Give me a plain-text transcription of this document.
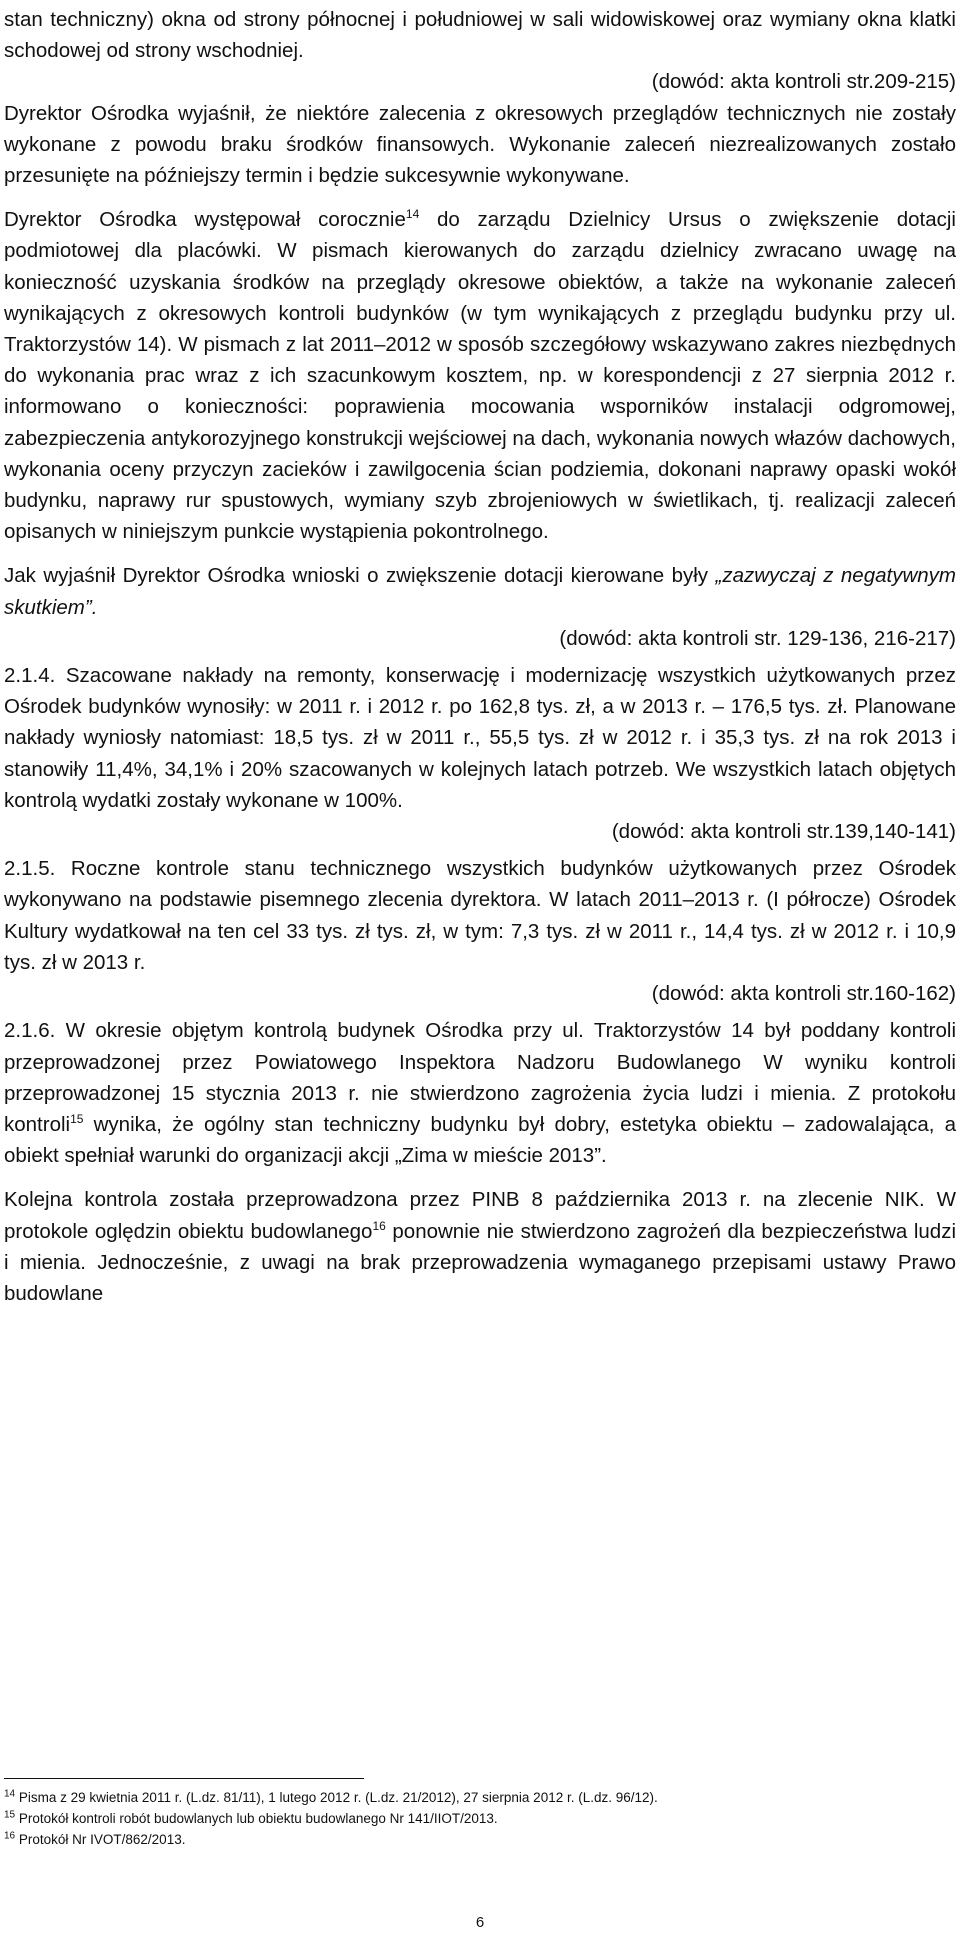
stan techniczny) okna od strony północnej i południowej w sali widowiskowej oraz wymiany okna klatki schodowej od strony wschodniej.

(dowód: akta kontroli str.209-215)

Dyrektor Ośrodka wyjaśnił, że niektóre zalecenia z okresowych przeglądów technicznych nie zostały wykonane z powodu braku środków finansowych. Wykonanie zaleceń niezrealizowanych zostało przesunięte na późniejszy termin i będzie sukcesywnie wykonywane.

Dyrektor Ośrodka występował corocznie$^{14}$ do zarządu Dzielnicy Ursus o zwiększenie dotacji podmiotowej dla placówki. W pismach kierowanych do zarządu dzielnicy zwracano uwagę na konieczność uzyskania środków na przeglądy okresowe obiektów, a także na wykonanie zaleceń wynikających z okresowych kontroli budynków (w tym wynikających z przeglądu budynku przy ul. Traktorzystów 14). W pismach z lat 2011–2012 w sposób szczegółowy wskazywano zakres niezbędnych do wykonania prac wraz z ich szacunkowym kosztem, np. w korespondencji z 27 sierpnia 2012 r. informowano o konieczności: poprawienia mocowania wsporników instalacji odgromowej, zabezpieczenia antykorozyjnego konstrukcji wejściowej na dach, wykonania nowych włazów dachowych, wykonania oceny przyczyn zacieków i zawilgocenia ścian podziemia, dokonani naprawy opaski wokół budynku, naprawy rur spustowych, wymiany szyb zbrojeniowych w świetlikach, tj. realizacji zaleceń opisanych w niniejszym punkcie wystąpienia pokontrolnego.

Jak wyjaśnił Dyrektor Ośrodka wnioski o zwiększenie dotacji kierowane były „zazwyczaj z negatywnym skutkiem”.

(dowód: akta kontroli str. 129-136, 216-217)

2.1.4. Szacowane nakłady na remonty, konserwację i modernizację wszystkich użytkowanych przez Ośrodek budynków wynosiły: w 2011 r. i 2012 r. po 162,8 tys. zł, a w 2013 r. – 176,5 tys. zł. Planowane nakłady wyniosły natomiast: 18,5 tys. zł w 2011 r., 55,5 tys. zł w 2012 r. i 35,3 tys. zł na rok 2013 i stanowiły 11,4%, 34,1% i 20% szacowanych w kolejnych latach potrzeb. We wszystkich latach objętych kontrolą wydatki zostały wykonane w 100%.

(dowód: akta kontroli str.139,140-141)

2.1.5. Roczne kontrole stanu technicznego wszystkich budynków użytkowanych przez Ośrodek wykonywano na podstawie pisemnego zlecenia dyrektora. W latach 2011–2013 r. (I półrocze) Ośrodek Kultury wydatkował na ten cel 33 tys. zł tys. zł, w tym: 7,3 tys. zł w 2011 r., 14,4 tys. zł w 2012 r. i 10,9 tys. zł w 2013 r.

(dowód: akta kontroli str.160-162)

2.1.6. W okresie objętym kontrolą budynek Ośrodka przy ul. Traktorzystów 14 był poddany kontroli przeprowadzonej przez Powiatowego Inspektora Nadzoru Budowlanego W wyniku kontroli przeprowadzonej 15 stycznia 2013 r. nie stwierdzono zagrożenia życia ludzi i mienia. Z protokołu kontroli$^{15}$ wynika, że ogólny stan techniczny budynku był dobry, estetyka obiektu – zadowalająca, a obiekt spełniał warunki do organizacji akcji „Zima w mieście 2013”.

Kolejna kontrola została przeprowadzona przez PINB 8 października 2013 r. na zlecenie NIK. W protokole oględzin obiektu budowlanego$^{16}$ ponownie nie stwierdzono zagrożeń dla bezpieczeństwa ludzi i mienia. Jednocześnie, z uwagi na brak przeprowadzenia wymaganego przepisami ustawy Prawo budowlane

$^{14}$ Pisma z 29 kwietnia 2011 r. (L.dz. 81/11), 1 lutego 2012 r. (L.dz. 21/2012), 27 sierpnia 2012 r. (L.dz. 96/12).

$^{15}$ Protokół kontroli robót budowlanych lub obiektu budowlanego Nr 141/IIOT/2013.

$^{16}$ Protokół Nr IVOT/862/2013.

6
